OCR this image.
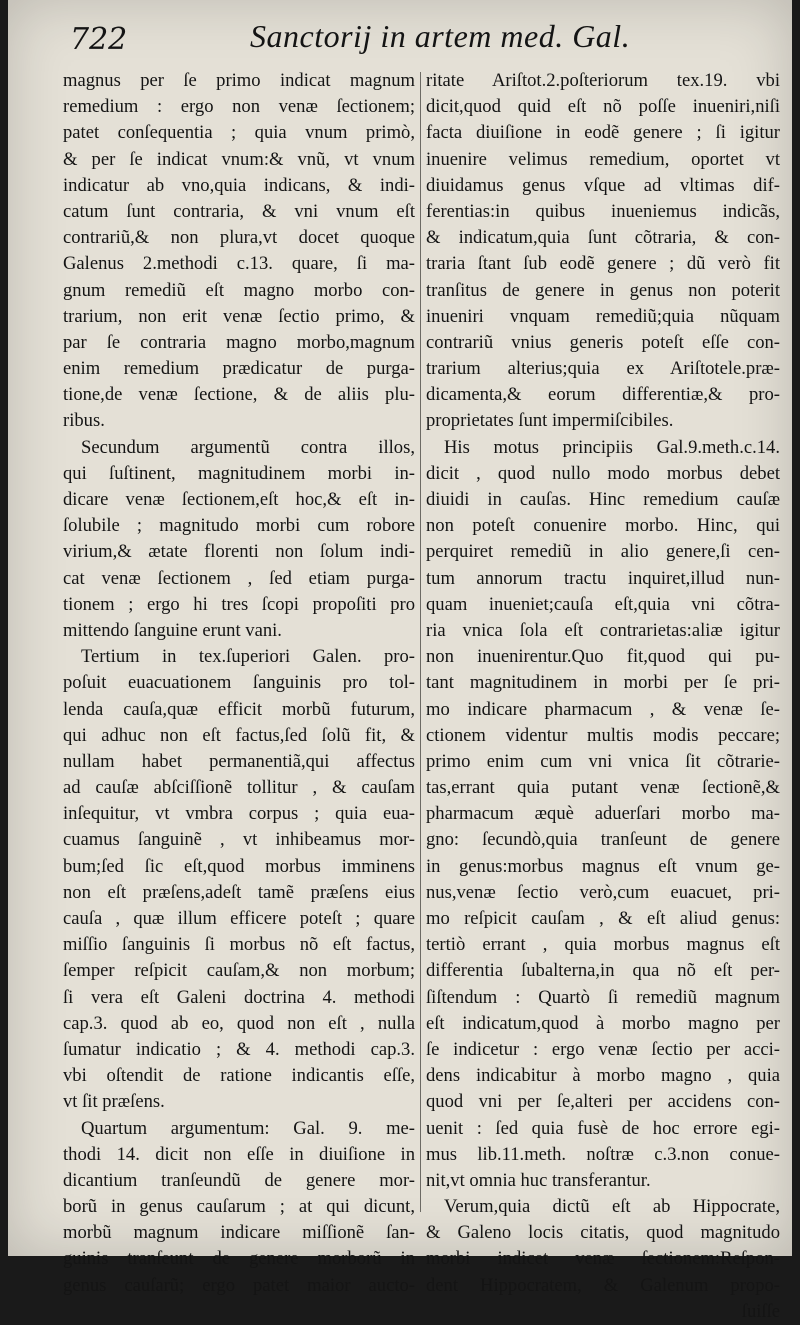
722	Sanctorij in artem med. Gal.
magnus per ſe primo indicat magnum
remedium : ergo non venæ ſectionem;
patet conſequentia ; quia vnum primò,
& per ſe indicat vnum:& vnũ, vt vnum
indicatur ab vno,quia indicans, & indi-
catum ſunt contraria, & vni vnum eſt
contrariũ,& non plura,vt docet quoque
Galenus 2.methodi c.13. quare, ſi ma-
gnum remediũ eſt magno morbo con-
trarium, non erit venæ ſectio primo, &
par ſe contraria magno morbo,magnum
enim remedium prædicatur de purga-
tione,de venæ ſectione, & de aliis plu-
ribus.
Secundum argumentũ contra illos,
qui ſuſtinent, magnitudinem morbi in-
dicare venæ ſectionem,eſt hoc,& eſt in-
ſolubile ; magnitudo morbi cum robore
virium,& ætate florenti non ſolum indi-
cat venæ ſectionem , ſed etiam purga-
tionem ; ergo hi tres ſcopi propoſiti pro
mittendo ſanguine erunt vani.
Tertium in tex.ſuperiori Galen. pro-
poſuit euacuationem ſanguinis pro tol-
lenda cauſa,quæ efficit morbũ futurum,
qui adhuc non eſt factus,ſed ſolũ fit, &
nullam habet permanentiã,qui affectus
ad cauſæ abſciſſionẽ tollitur , & cauſam
inſequitur, vt vmbra corpus ; quia eua-
cuamus ſanguinẽ , vt inhibeamus mor-
bum;ſed ſic eſt,quod morbus imminens
non eſt præſens,adeſt tamẽ præſens eius
cauſa , quæ illum efficere poteſt ; quare
miſſio ſanguinis ſi morbus nõ eſt factus,
ſemper reſpicit cauſam,& non morbum;
ſi vera eſt Galeni doctrina 4. methodi
cap.3. quod ab eo, quod non eſt , nulla
ſumatur indicatio ; & 4. methodi cap.3.
vbi oſtendit de ratione indicantis eſſe,
vt ſit præſens.
Quartum argumentum: Gal. 9. me-
thodi 14. dicit non eſſe in diuiſione in
dicantium tranſeundũ de genere mor-
borũ in genus cauſarum ; at qui dicunt,
morbũ magnum indicare miſſionẽ ſan-
guinis tranſeunt de genere morborũ in
genus cauſarũ; ergo patet maior aucto-
ritate Ariſtot.2.poſteriorum tex.19. vbi
dicit,quod quid eſt nõ poſſe inueniri,niſi
facta diuiſione in eodẽ genere ; ſi igitur
inuenire velimus remedium, oportet vt
diuidamus genus vſque ad vltimas dif-
ferentias:in quibus inueniemus indicãs,
& indicatum,quia ſunt cõtraria, & con-
traria ſtant ſub eodẽ genere ; dũ verò fit
tranſitus de genere in genus non poterit
inueniri vnquam remediũ;quia nũquam
contrariũ vnius generis poteſt eſſe con-
trarium alterius;quia ex Ariſtotele.præ-
dicamenta,& eorum differentiæ,& pro-
proprietates ſunt impermiſcibiles.
His motus principiis Gal.9.meth.c.14.
dicit , quod nullo modo morbus debet
diuidi in cauſas. Hinc remedium cauſæ
non poteſt conuenire morbo. Hinc, qui
perquiret remediũ in alio genere,ſi cen-
tum annorum tractu inquiret,illud nun-
quam inueniet;cauſa eſt,quia vni cõtra-
ria vnica ſola eſt contrarietas:aliæ igitur
non inuenirentur.Quo fit,quod qui pu-
tant magnitudinem in morbi per ſe pri-
mo indicare pharmacum , & venæ ſe-
ctionem videntur multis modis peccare;
primo enim cum vni vnica ſit cõtrarie-
tas,errant quia putant venæ ſectionẽ,&
pharmacum æquè aduerſari morbo ma-
gno: ſecundò,quia tranſeunt de genere
in genus:morbus magnus eſt vnum ge-
nus,venæ ſectio verò,cum euacuet, pri-
mo reſpicit cauſam , & eſt aliud genus:
tertiò errant , quia morbus magnus eſt
differentia ſubalterna,in qua nõ eſt per-
ſiſtendum : Quartò ſi remediũ magnum
eſt indicatum,quod à morbo magno per
ſe indicetur : ergo venæ ſectio per acci-
dens indicabitur à morbo magno , quia
quod vni per ſe,alteri per accidens con-
uenit : ſed quia fusè de hoc errore egi-
mus lib.11.meth. noſtræ c.3.non conue-
nit,vt omnia huc transferantur.
Verum,quia dictũ eſt ab Hippocrate,
& Galeno locis citatis, quod magnitudo
morbi indicet venæ ſectionem:Reſpon-
dent Hippocratem, & Galenum propo-
ſuiſſe
